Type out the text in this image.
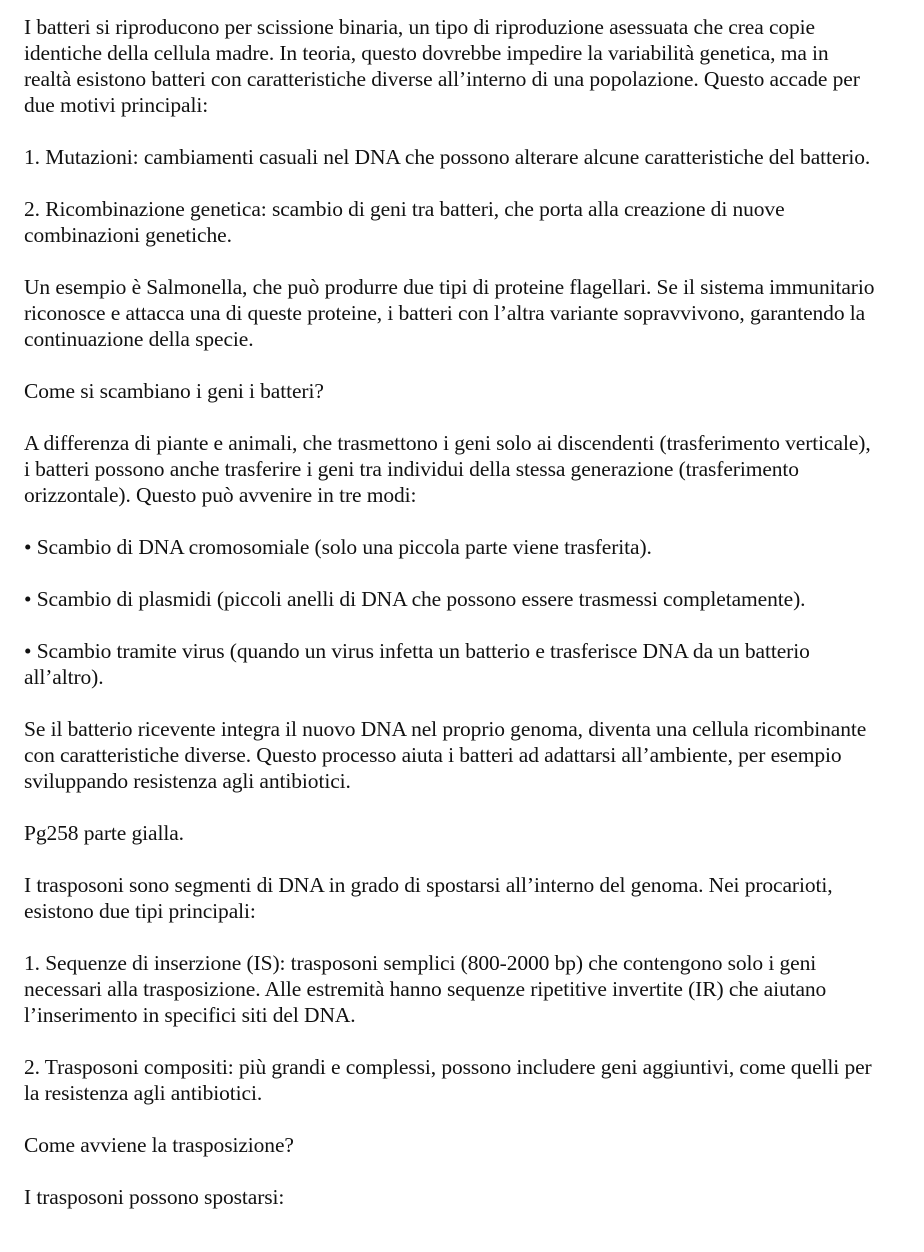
I batteri si riproducono per scissione binaria, un tipo di riproduzione asessuata che crea copie
identiche della cellula madre. In teoria, questo dovrebbe impedire la variabilità genetica, ma in
realtà esistono batteri con caratteristiche diverse all’interno di una popolazione. Questo accade per
due motivi principali:

1. Mutazioni: cambiamenti casuali nel DNA che possono alterare alcune caratteristiche del batterio.

2. Ricombinazione genetica: scambio di geni tra batteri, che porta alla creazione di nuove
combinazioni genetiche.

Un esempio è Salmonella, che può produrre due tipi di proteine flagellari. Se il sistema immunitario
riconosce e attacca una di queste proteine, i batteri con l’altra variante sopravvivono, garantendo la
continuazione della specie.

Come si scambiano i geni i batteri?

A differenza di piante e animali, che trasmettono i geni solo ai discendenti (trasferimento verticale),
i batteri possono anche trasferire i geni tra individui della stessa generazione (trasferimento
orizzontale). Questo può avvenire in tre modi:

• Scambio di DNA cromosomiale (solo una piccola parte viene trasferita).

• Scambio di plasmidi (piccoli anelli di DNA che possono essere trasmessi completamente).

• Scambio tramite virus (quando un virus infetta un batterio e trasferisce DNA da un batterio
all’altro).

Se il batterio ricevente integra il nuovo DNA nel proprio genoma, diventa una cellula ricombinante
con caratteristiche diverse. Questo processo aiuta i batteri ad adattarsi all’ambiente, per esempio
sviluppando resistenza agli antibiotici.

Pg258 parte gialla.

I trasposoni sono segmenti di DNA in grado di spostarsi all’interno del genoma. Nei procarioti,
esistono due tipi principali:

1. Sequenze di inserzione (IS): trasposoni semplici (800-2000 bp) che contengono solo i geni
necessari alla trasposizione. Alle estremità hanno sequenze ripetitive invertite (IR) che aiutano
l’inserimento in specifici siti del DNA.

2. Trasposoni compositi: più grandi e complessi, possono includere geni aggiuntivi, come quelli per
la resistenza agli antibiotici.

Come avviene la trasposizione?

I trasposoni possono spostarsi:
